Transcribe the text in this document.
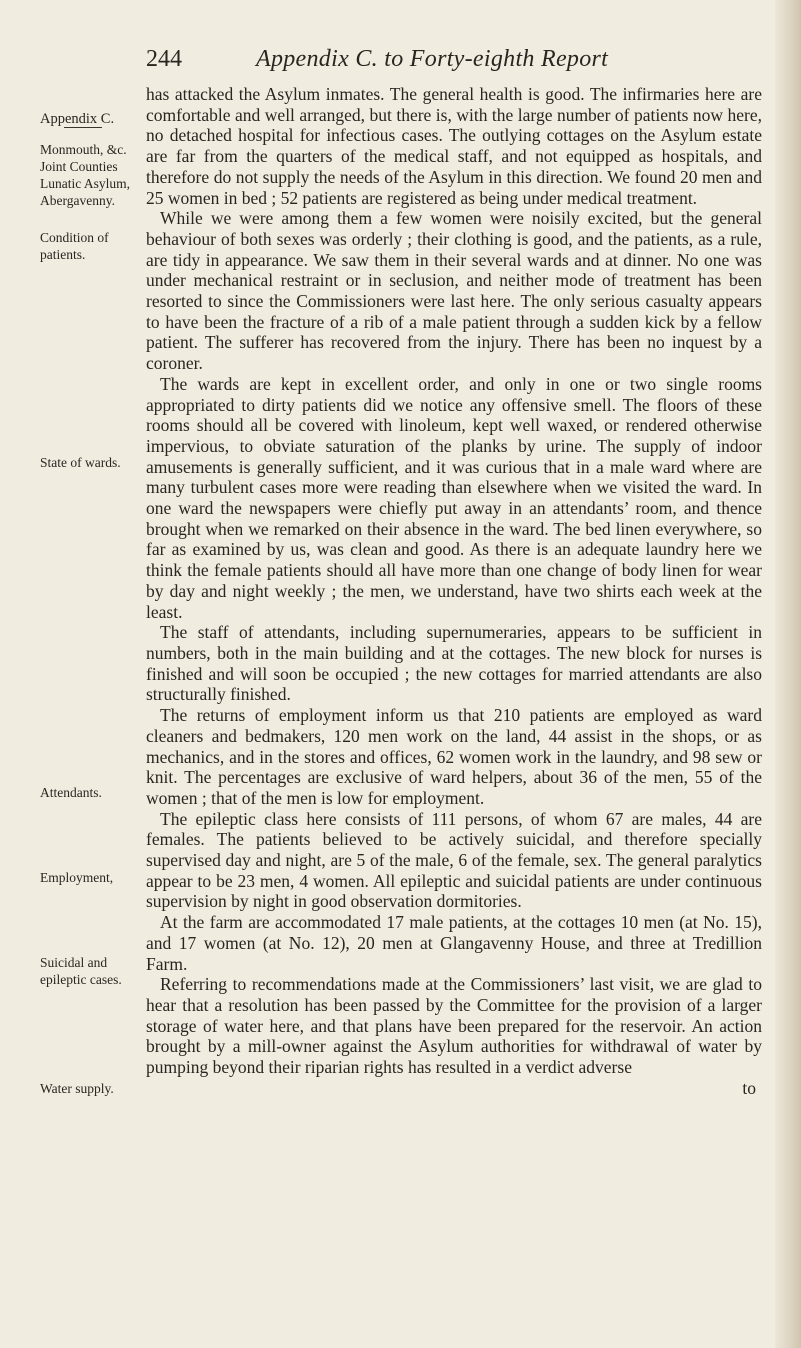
244	Appendix C. to Forty-eighth Report
Appendix C.
Monmouth, &c. Joint Counties Lunatic Asylum, Abergavenny.
Condition of patients.
State of wards.
Attendants.
Employment,
Suicidal and epileptic cases.
Water supply.

has attacked the Asylum inmates. The general health is good. The infirmaries here are comfortable and well arranged, but there is, with the large number of patients now here, no detached hospital for infectious cases. The outlying cottages on the Asylum estate are far from the quarters of the medical staff, and not equipped as hospitals, and therefore do not supply the needs of the Asylum in this direction. We found 20 men and 25 women in bed ; 52 patients are registered as being under medical treatment.

While we were among them a few women were noisily excited, but the general behaviour of both sexes was orderly ; their clothing is good, and the patients, as a rule, are tidy in appearance. We saw them in their several wards and at dinner. No one was under mechanical restraint or in seclusion, and neither mode of treatment has been resorted to since the Commissioners were last here. The only serious casualty appears to have been the fracture of a rib of a male patient through a sudden kick by a fellow patient. The sufferer has recovered from the injury. There has been no inquest by a coroner.

The wards are kept in excellent order, and only in one or two single rooms appropriated to dirty patients did we notice any offensive smell. The floors of these rooms should all be covered with linoleum, kept well waxed, or rendered otherwise impervious, to obviate saturation of the planks by urine. The supply of indoor amusements is generally sufficient, and it was curious that in a male ward where are many turbulent cases more were reading than elsewhere when we visited the ward. In one ward the newspapers were chiefly put away in an attendants’ room, and thence brought when we remarked on their absence in the ward. The bed linen everywhere, so far as examined by us, was clean and good. As there is an adequate laundry here we think the female patients should all have more than one change of body linen for wear by day and night weekly ; the men, we understand, have two shirts each week at the least.

The staff of attendants, including supernumeraries, appears to be sufficient in numbers, both in the main building and at the cottages. The new block for nurses is finished and will soon be occupied ; the new cottages for married attendants are also structurally finished.

The returns of employment inform us that 210 patients are employed as ward cleaners and bedmakers, 120 men work on the land, 44 assist in the shops, or as mechanics, and in the stores and offices, 62 women work in the laundry, and 98 sew or knit. The percentages are exclusive of ward helpers, about 36 of the men, 55 of the women ; that of the men is low for employment.

The epileptic class here consists of 111 persons, of whom 67 are males, 44 are females. The patients believed to be actively suicidal, and therefore specially supervised day and night, are 5 of the male, 6 of the female, sex. The general paralytics appear to be 23 men, 4 women. All epileptic and suicidal patients are under continuous supervision by night in good observation dormitories.

At the farm are accommodated 17 male patients, at the cottages 10 men (at No. 15), and 17 women (at No. 12), 20 men at Glangavenny House, and three at Tredillion Farm.

Referring to recommendations made at the Commissioners’ last visit, we are glad to hear that a resolution has been passed by the Committee for the provision of a larger storage of water here, and that plans have been prepared for the reservoir. An action brought by a mill-owner against the Asylum authorities for withdrawal of water by pumping beyond their riparian rights has resulted in a verdict adverse

to
